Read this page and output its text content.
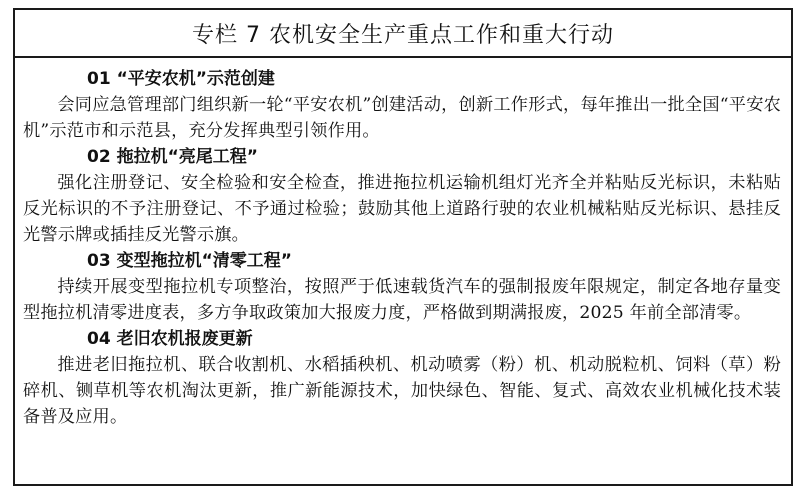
专栏 7 农机安全生产重点工作和重大行动
01 “平安农机”示范创建

会同应急管理部门组织新一轮“平安农机”创建活动，创新工作形式，每年推出一批全国“平安农机”示范市和示范县，充分发挥典型引领作用。

02 拖拉机“亮尾工程”

强化注册登记、安全检验和安全检查，推进拖拉机运输机组灯光齐全并粘贴反光标识，未粘贴反光标识的不予注册登记、不予通过检验；鼓励其他上道路行驶的农业机械粘贴反光标识、悬挂反光警示牌或插挂反光警示旗。

03 变型拖拉机“清零工程”

持续开展变型拖拉机专项整治，按照严于低速载货汽车的强制报废年限规定，制定各地存量变型拖拉机清零进度表，多方争取政策加大报废力度，严格做到期满报废，2025 年前全部清零。

04 老旧农机报废更新

推进老旧拖拉机、联合收割机、水稻插秧机、机动喷雾（粉）机、机动脱粒机、饲料（草）粉碎机、铡草机等农机淘汰更新，推广新能源技术，加快绿色、智能、复式、高效农业机械化技术装备普及应用。
